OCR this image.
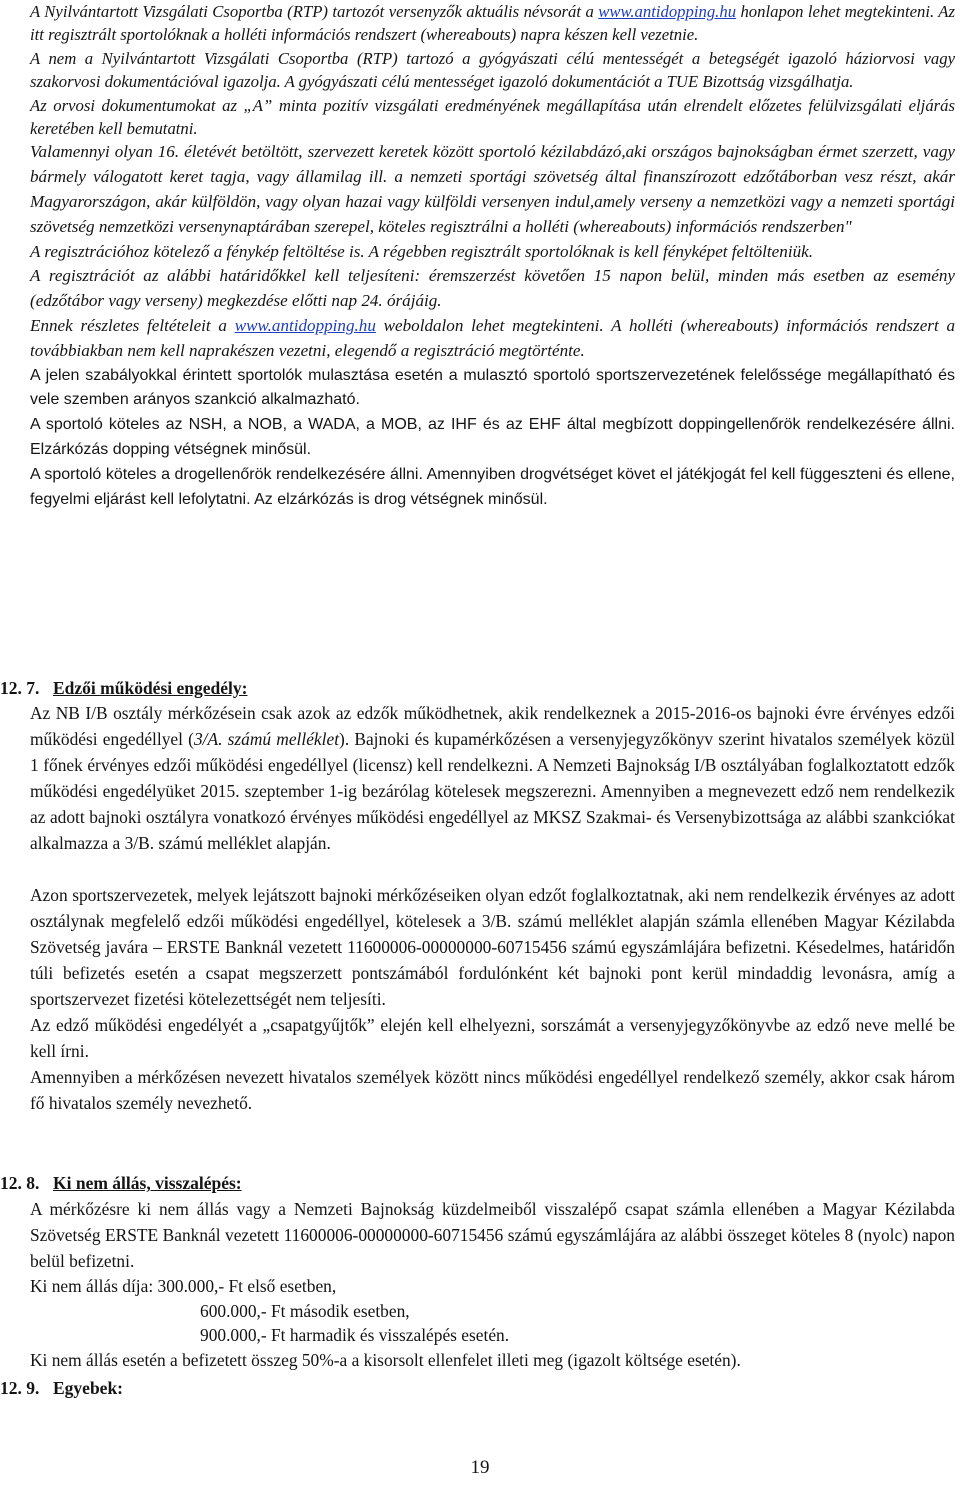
A Nyilvántartott Vizsgálati Csoportba (RTP) tartozót versenyzők aktuális névsorát a www.antidopping.hu honlapon lehet megtekinteni. Az itt regisztrált sportolóknak a holléti információs rendszert (whereabouts) napra készen kell vezetnie.

A nem a Nyilvántartott Vizsgálati Csoportba (RTP) tartozó a gyógyászati célú mentességét a betegségét igazoló háziorvosi vagy szakorvosi dokumentációval igazolja. A gyógyászati célú mentességet igazoló dokumentációt a TUE Bizottság vizsgálhatja.

Az orvosi dokumentumokat az „A” minta pozitív vizsgálati eredményének megállapítása után elrendelt előzetes felülvizsgálati eljárás keretében kell bemutatni.

Valamennyi olyan 16. életévét betöltött, szervezett keretek között sportoló kézilabdázó,aki országos bajnokságban érmet szerzett, vagy bármely válogatott keret tagja, vagy államilag ill. a nemzeti sportági szövetség által finanszírozott edzőtáborban vesz részt, akár Magyarországon, akár külföldön, vagy olyan hazai vagy külföldi versenyen indul,amely verseny a nemzetközi vagy a nemzeti sportági szövetség nemzetközi versenynaptárában szerepel, köteles regisztrálni a holléti (whereabouts) információs rendszerben"

A regisztrációhoz kötelező a fénykép feltöltése is. A régebben regisztrált sportolóknak is kell fényképet feltölteniük.

A regisztrációt az alábbi határidőkkel kell teljesíteni: éremszerzést követően 15 napon belül, minden más esetben az esemény (edzőtábor vagy verseny) megkezdése előtti nap 24. órájáig.

Ennek részletes feltételeit a www.antidopping.hu weboldalon lehet megtekinteni. A holléti (whereabouts) információs rendszert a továbbiakban nem kell naprakészen vezetni, elegendő a regisztráció megtörténte.

A jelen szabályokkal érintett sportolók mulasztása esetén a mulasztó sportoló sportszervezetének felelőssége megállapítható és vele szemben arányos szankció alkalmazható.

A sportoló köteles az NSH, a NOB, a WADA, a MOB, az IHF és az EHF által megbízott doppingellenőrök rendelkezésére állni. Elzárkózás dopping vétségnek minősül.

A sportoló köteles a drogellenőrök rendelkezésére állni. Amennyiben drogvétséget követ el játékjogát fel kell függeszteni és ellene, fegyelmi eljárást kell lefolytatni. Az elzárkózás is drog vétségnek minősül.

12. 7. Edzői működési engedély:

Az NB I/B osztály mérkőzésein csak azok az edzők működhetnek, akik rendelkeznek a 2015-2016-os bajnoki évre érvényes edzői működési engedéllyel (3/A. számú melléklet). Bajnoki és kupamérkőzésen a versenyjegyzőkönyv szerint hivatalos személyek közül 1 főnek érvényes edzői működési engedéllyel (licensz) kell rendelkezni. A Nemzeti Bajnokság I/B osztályában foglalkoztatott edzők működési engedélyüket 2015. szeptember 1-ig bezárólag kötelesek megszerezni. Amennyiben a megnevezett edző nem rendelkezik az adott bajnoki osztályra vonatkozó érvényes működési engedéllyel az MKSZ Szakmai- és Versenybizottsága az alábbi szankciókat alkalmazza a 3/B. számú melléklet alapján.

Azon sportszervezetek, melyek lejátszott bajnoki mérkőzéseiken olyan edzőt foglalkoztatnak, aki nem rendelkezik érvényes az adott osztálynak megfelelő edzői működési engedéllyel, kötelesek a 3/B. számú melléklet alapján számla ellenében Magyar Kézilabda Szövetség javára – ERSTE Banknál vezetett 11600006-00000000-60715456 számú egyszámlájára befizetni. Késedelmes, határidőn túli befizetés esetén a csapat megszerzett pontszámából fordulónként két bajnoki pont kerül mindaddig levonásra, amíg a sportszervezet fizetési kötelezettségét nem teljesíti.

Az edző működési engedélyét a „csapatgyűjtők” elején kell elhelyezni, sorszámát a versenyjegyzőkönyvbe az edző neve mellé be kell írni.

Amennyiben a mérkőzésen nevezett hivatalos személyek között nincs működési engedéllyel rendelkező személy, akkor csak három fő hivatalos személy nevezhető.

12. 8. Ki nem állás, visszalépés:

A mérkőzésre ki nem állás vagy a Nemzeti Bajnokság küzdelmeiből visszalépő csapat számla ellenében a Magyar Kézilabda Szövetség ERSTE Banknál vezetett 11600006-00000000-60715456 számú egyszámlájára az alábbi összeget köteles 8 (nyolc) napon belül befizetni.

Ki nem állás díja: 300.000,- Ft első esetben,
600.000,- Ft második esetben,
900.000,- Ft harmadik és visszalépés esetén.

Ki nem állás esetén a befizetett összeg 50%-a a kisorsolt ellenfelet illeti meg (igazolt költsége esetén).

12. 9. Egyebek:
19
